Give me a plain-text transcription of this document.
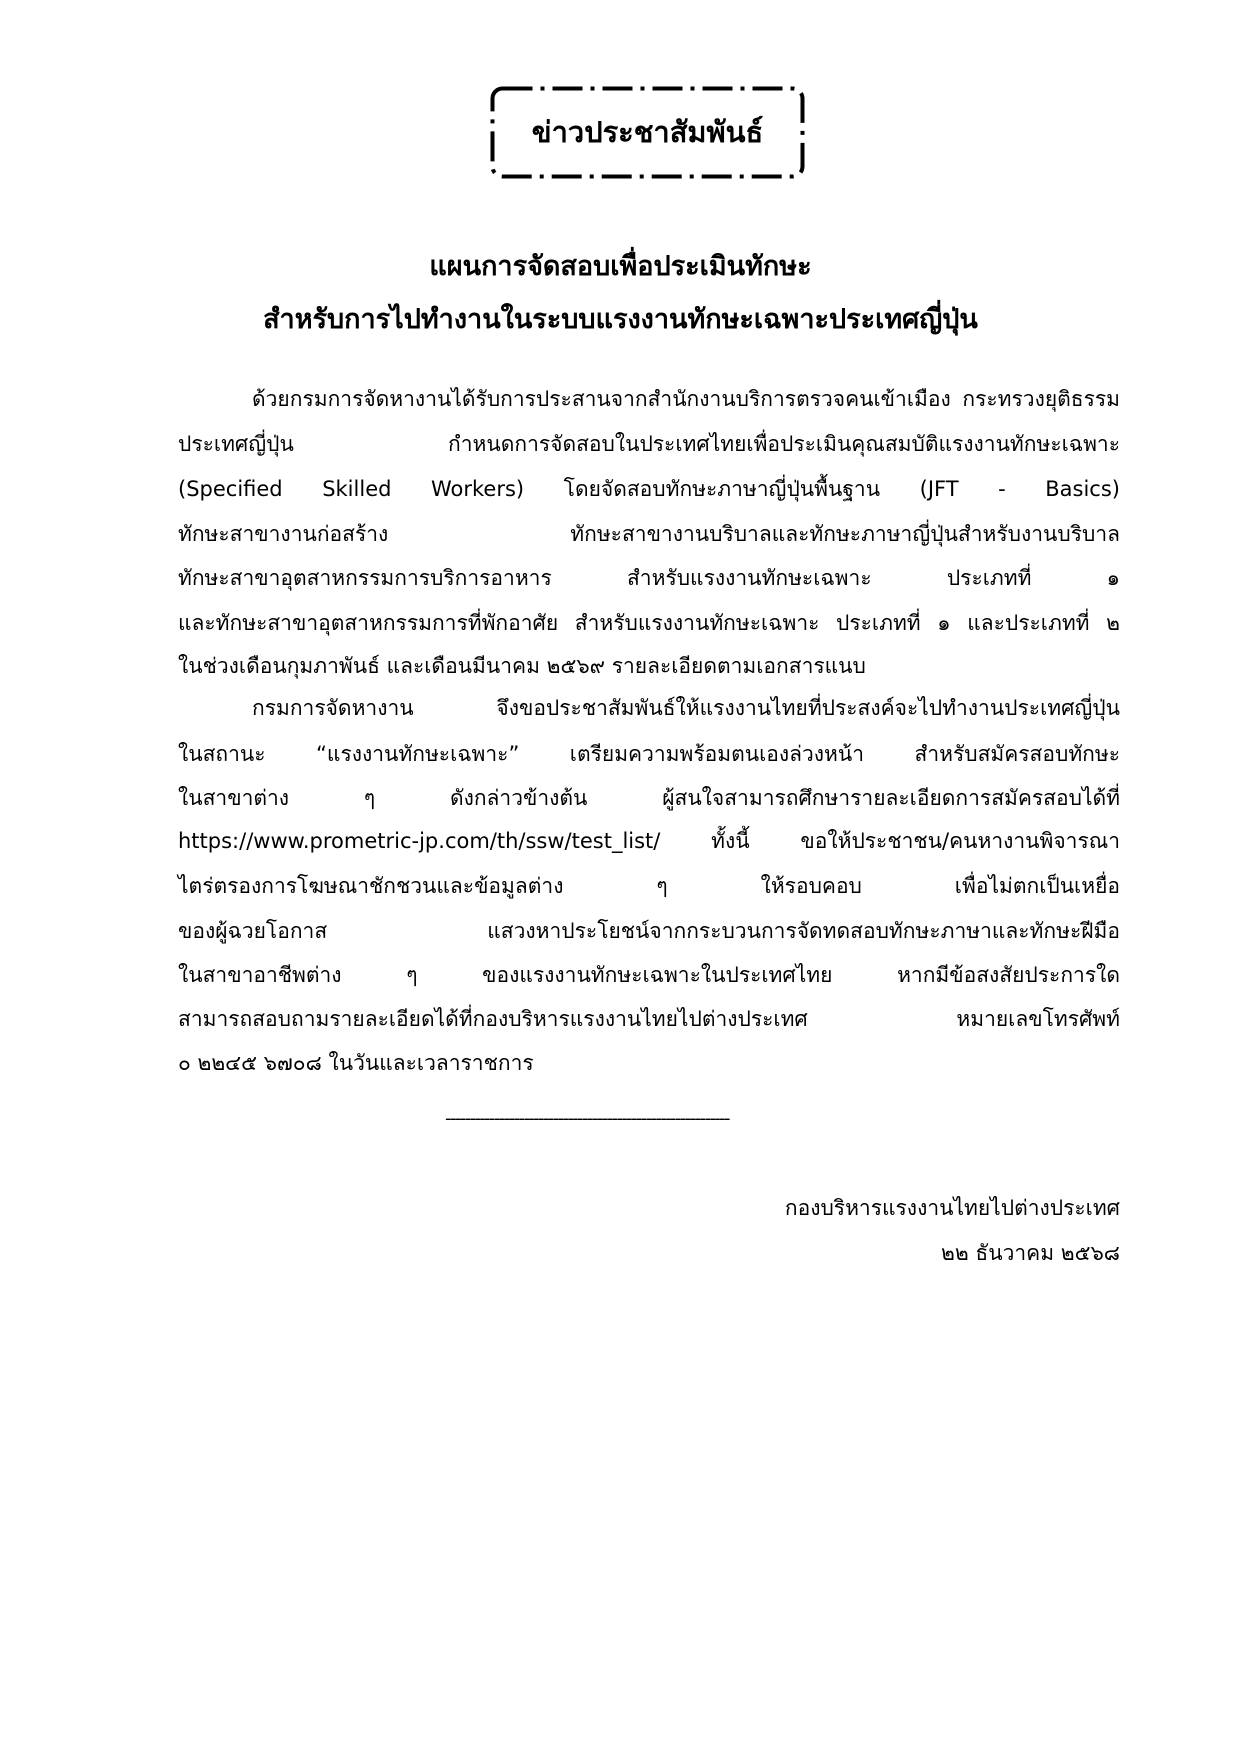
ข่าวประชาสัมพันธ์
แผนการจัดสอบเพื่อประเมินทักษะ
สำหรับการไปทำงานในระบบแรงงานทักษะเฉพาะประเทศญี่ปุ่น
ด้วยกรมการจัดหางานได้รับการประสานจากสำนักงานบริการตรวจคนเข้าเมือง กระทรวงยุติธรรม
ประเทศญี่ปุ่น กำหนดการจัดสอบในประเทศไทยเพื่อประเมินคุณสมบัติแรงงานทักษะเฉพาะ
(Specified Skilled Workers) โดยจัดสอบทักษะภาษาญี่ปุ่นพื้นฐาน (JFT - Basics)
ทักษะสาขางานก่อสร้าง ทักษะสาขางานบริบาลและทักษะภาษาญี่ปุ่นสำหรับงานบริบาล
ทักษะสาขาอุตสาหกรรมการบริการอาหาร สำหรับแรงงานทักษะเฉพาะ ประเภทที่ ๑
และทักษะสาขาอุตสาหกรรมการที่พักอาศัย สำหรับแรงงานทักษะเฉพาะ ประเภทที่ ๑ และประเภทที่ ๒
ในช่วงเดือนกุมภาพันธ์ และเดือนมีนาคม ๒๕๖๙ รายละเอียดตามเอกสารแนบ
กรมการจัดหางาน จึงขอประชาสัมพันธ์ให้แรงงานไทยที่ประสงค์จะไปทำงานประเทศญี่ปุ่น
ในสถานะ “แรงงานทักษะเฉพาะ” เตรียมความพร้อมตนเองล่วงหน้า สำหรับสมัครสอบทักษะ
ในสาขาต่าง ๆ ดังกล่าวข้างต้น ผู้สนใจสามารถศึกษารายละเอียดการสมัครสอบได้ที่
https://www.prometric-jp.com/th/ssw/test_list/ ทั้งนี้ ขอให้ประชาชน/คนหางานพิจารณา
ไตร่ตรองการโฆษณาชักชวนและข้อมูลต่าง ๆ ให้รอบคอบ เพื่อไม่ตกเป็นเหยื่อ
ของผู้ฉวยโอกาส แสวงหาประโยชน์จากกระบวนการจัดทดสอบทักษะภาษาและทักษะฝีมือ
ในสาขาอาชีพต่าง ๆ ของแรงงานทักษะเฉพาะในประเทศไทย หากมีข้อสงสัยประการใด
สามารถสอบถามรายละเอียดได้ที่กองบริหารแรงงานไทยไปต่างประเทศ หมายเลขโทรศัพท์
๐ ๒๒๔๕ ๖๗๐๘ ในวันและเวลาราชการ
----------------------------------------------------------
กองบริหารแรงงานไทยไปต่างประเทศ
๒๒ ธันวาคม ๒๕๖๘
